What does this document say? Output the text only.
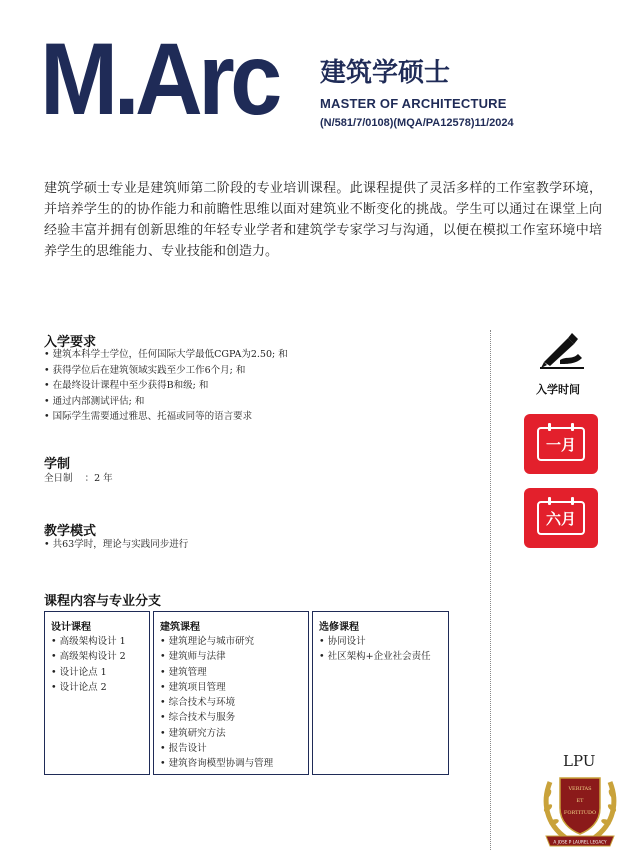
M.Arc 建筑学硕士
MASTER OF ARCHITECTURE
(N/581/7/0108)(MQA/PA12578)11/2024
建筑学硕士专业是建筑师第二阶段的专业培训课程。此课程提供了灵活多样的工作室教学环境，并培养学生的的协作能力和前瞻性思维以面对建筑业不断变化的挑战。学生可以通过在课堂上向经验丰富并拥有创新思维的年轻专业学者和建筑学专家学习与沟通，以便在模拟工作室环境中培养学生的思维能力、专业技能和创造力。
入学要求
• 建筑本科学士学位，任何国际大学最低CGPA为2.50; 和
• 获得学位后在建筑领域实践至少工作6个月; 和
• 在最终设计课程中至少获得B和级; 和
• 通过内部测试评估; 和
• 国际学生需要通过雅思、托福或同等的语言要求
学制
全日制    ：2 年
教学模式
• 共63学时，理论与实践同步进行
课程内容与专业分支
设计课程
• 高级架构设计 1
• 高级架构设计 2
• 设计论点 1
• 设计论点 2
建筑课程
• 建筑理论与城市研究
• 建筑师与法律
• 建筑管理
• 建筑项目管理
• 综合技术与环境
• 综合技术与服务
• 建筑研究方法
• 报告设计
• 建筑咨询模型协调与管理
选修课程
• 协同设计
• 社区架构+企业社会责任
入学时间
一月
六月
LPU
VERITAS
ET
FORTITUDO
A JOSE P LAUREL LEGACY
